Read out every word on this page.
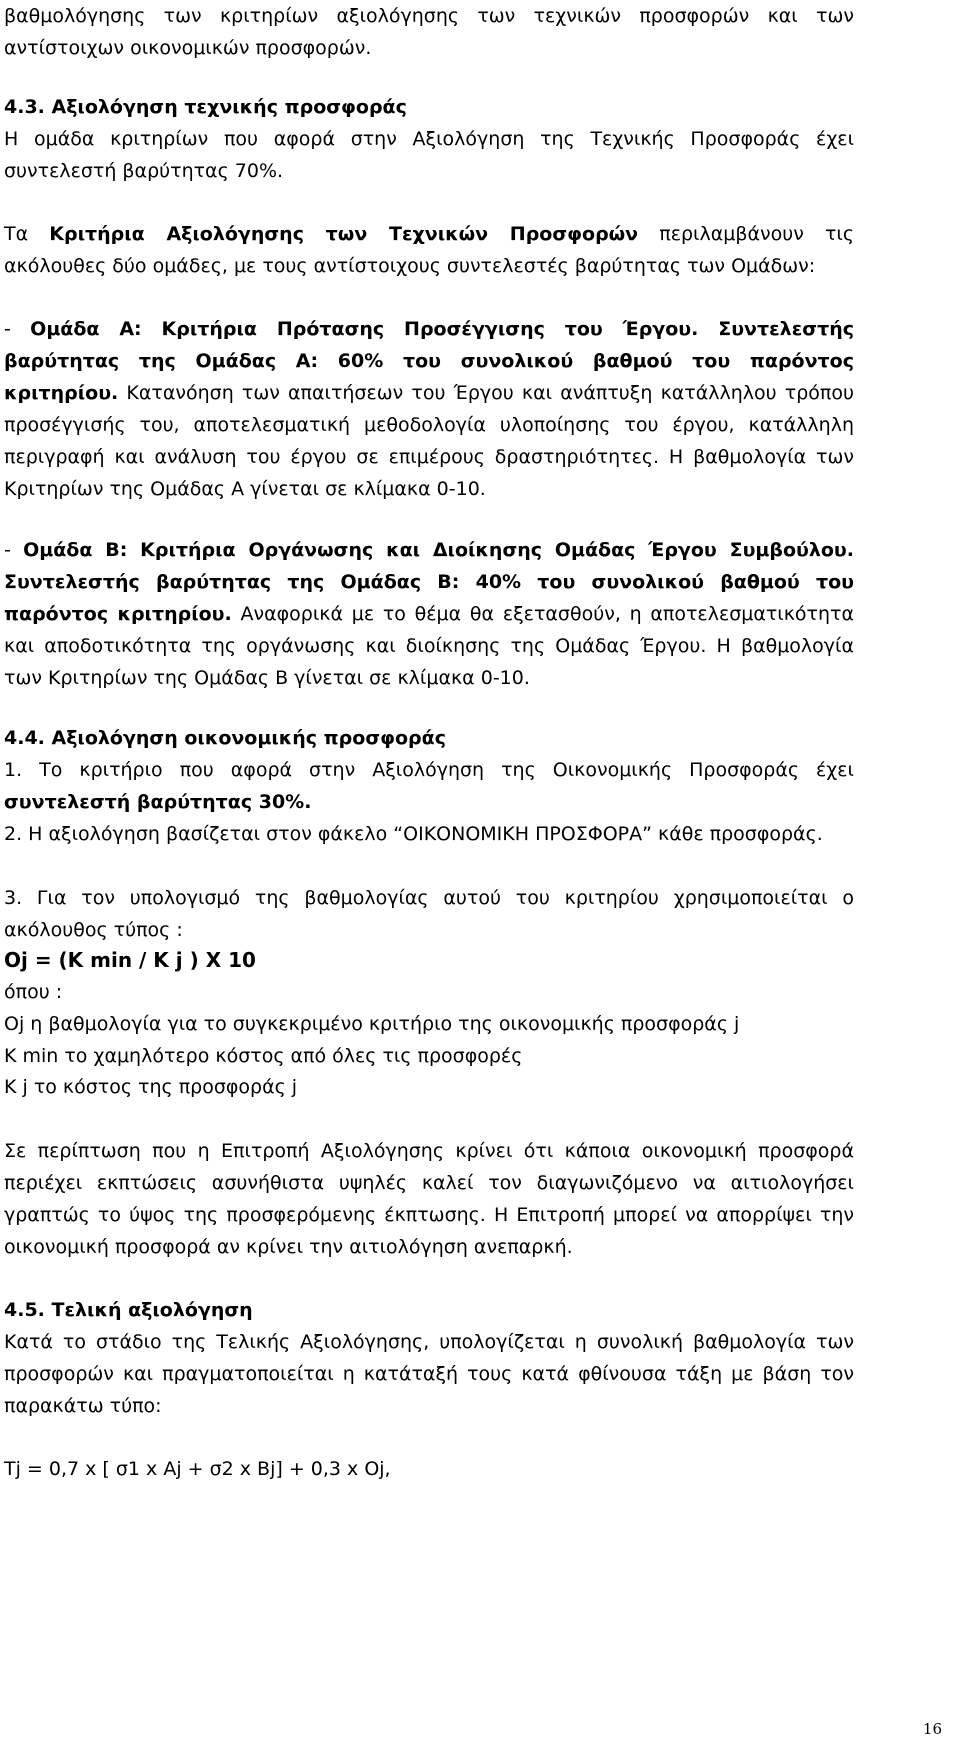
βαθμολόγησης των κριτηρίων αξιολόγησης των τεχνικών προσφορών και των αντίστοιχων οικονομικών προσφορών.

4.3. Αξιολόγηση τεχνικής προσφοράς

Η ομάδα κριτηρίων που αφορά στην Αξιολόγηση της Τεχνικής Προσφοράς έχει συντελεστή βαρύτητας 70%.

Τα Κριτήρια Αξιολόγησης των Τεχνικών Προσφορών περιλαμβάνουν τις ακόλουθες δύο ομάδες, με τους αντίστοιχους συντελεστές βαρύτητας των Ομάδων:

- Ομάδα Α: Κριτήρια Πρότασης Προσέγγισης του Έργου. Συντελεστής βαρύτητας της Ομάδας Α: 60% του συνολικού βαθμού του παρόντος κριτηρίου. Κατανόηση των απαιτήσεων του Έργου και ανάπτυξη κατάλληλου τρόπου προσέγγισής του, αποτελεσματική μεθοδολογία υλοποίησης του έργου, κατάλληλη περιγραφή και ανάλυση του έργου σε επιμέρους δραστηριότητες. Η βαθμολογία των Κριτηρίων της Ομάδας Α γίνεται σε κλίμακα 0-10.

- Ομάδα Β: Κριτήρια Οργάνωσης και Διοίκησης Ομάδας Έργου Συμβούλου. Συντελεστής βαρύτητας της Ομάδας Β: 40% του συνολικού βαθμού του παρόντος κριτηρίου. Αναφορικά με το θέμα θα εξετασθούν, η αποτελεσματικότητα και αποδοτικότητα της οργάνωσης και διοίκησης της Ομάδας Έργου. Η βαθμολογία των Κριτηρίων της Ομάδας Β γίνεται σε κλίμακα 0-10.

4.4. Αξιολόγηση οικονομικής προσφοράς

1. Το κριτήριο που αφορά στην Αξιολόγηση της Οικονομικής Προσφοράς έχει συντελεστή βαρύτητας 30%.

2. Η αξιολόγηση βασίζεται στον φάκελο “ΟΙΚΟΝΟΜΙΚΗ ΠΡΟΣΦΟΡΑ” κάθε προσφοράς.

3. Για τον υπολογισμό της βαθμολογίας αυτού του κριτηρίου χρησιμοποιείται ο ακόλουθος τύπος :

Oj = (K min / K j ) X 10

όπου :

Oj η βαθμολογία για το συγκεκριμένο κριτήριο της οικονομικής προσφοράς j

K min το χαμηλότερο κόστος από όλες τις προσφορές

K j το κόστος της προσφοράς j

Σε περίπτωση που η Επιτροπή Αξιολόγησης κρίνει ότι κάποια οικονομική προσφορά περιέχει εκπτώσεις ασυνήθιστα υψηλές καλεί τον διαγωνιζόμενο να αιτιολογήσει γραπτώς το ύψος της προσφερόμενης έκπτωσης. Η Επιτροπή μπορεί να απορρίψει την οικονομική προσφορά αν κρίνει την αιτιολόγηση ανεπαρκή.

4.5. Τελική αξιολόγηση

Κατά το στάδιο της Τελικής Αξιολόγησης, υπολογίζεται η συνολική βαθμολογία των προσφορών και πραγματοποιείται η κατάταξή τους κατά φθίνουσα τάξη με βάση τον παρακάτω τύπο:

Tj = 0,7 x [ σ1 x Aj + σ2 x Bj] + 0,3 x Oj,

16
